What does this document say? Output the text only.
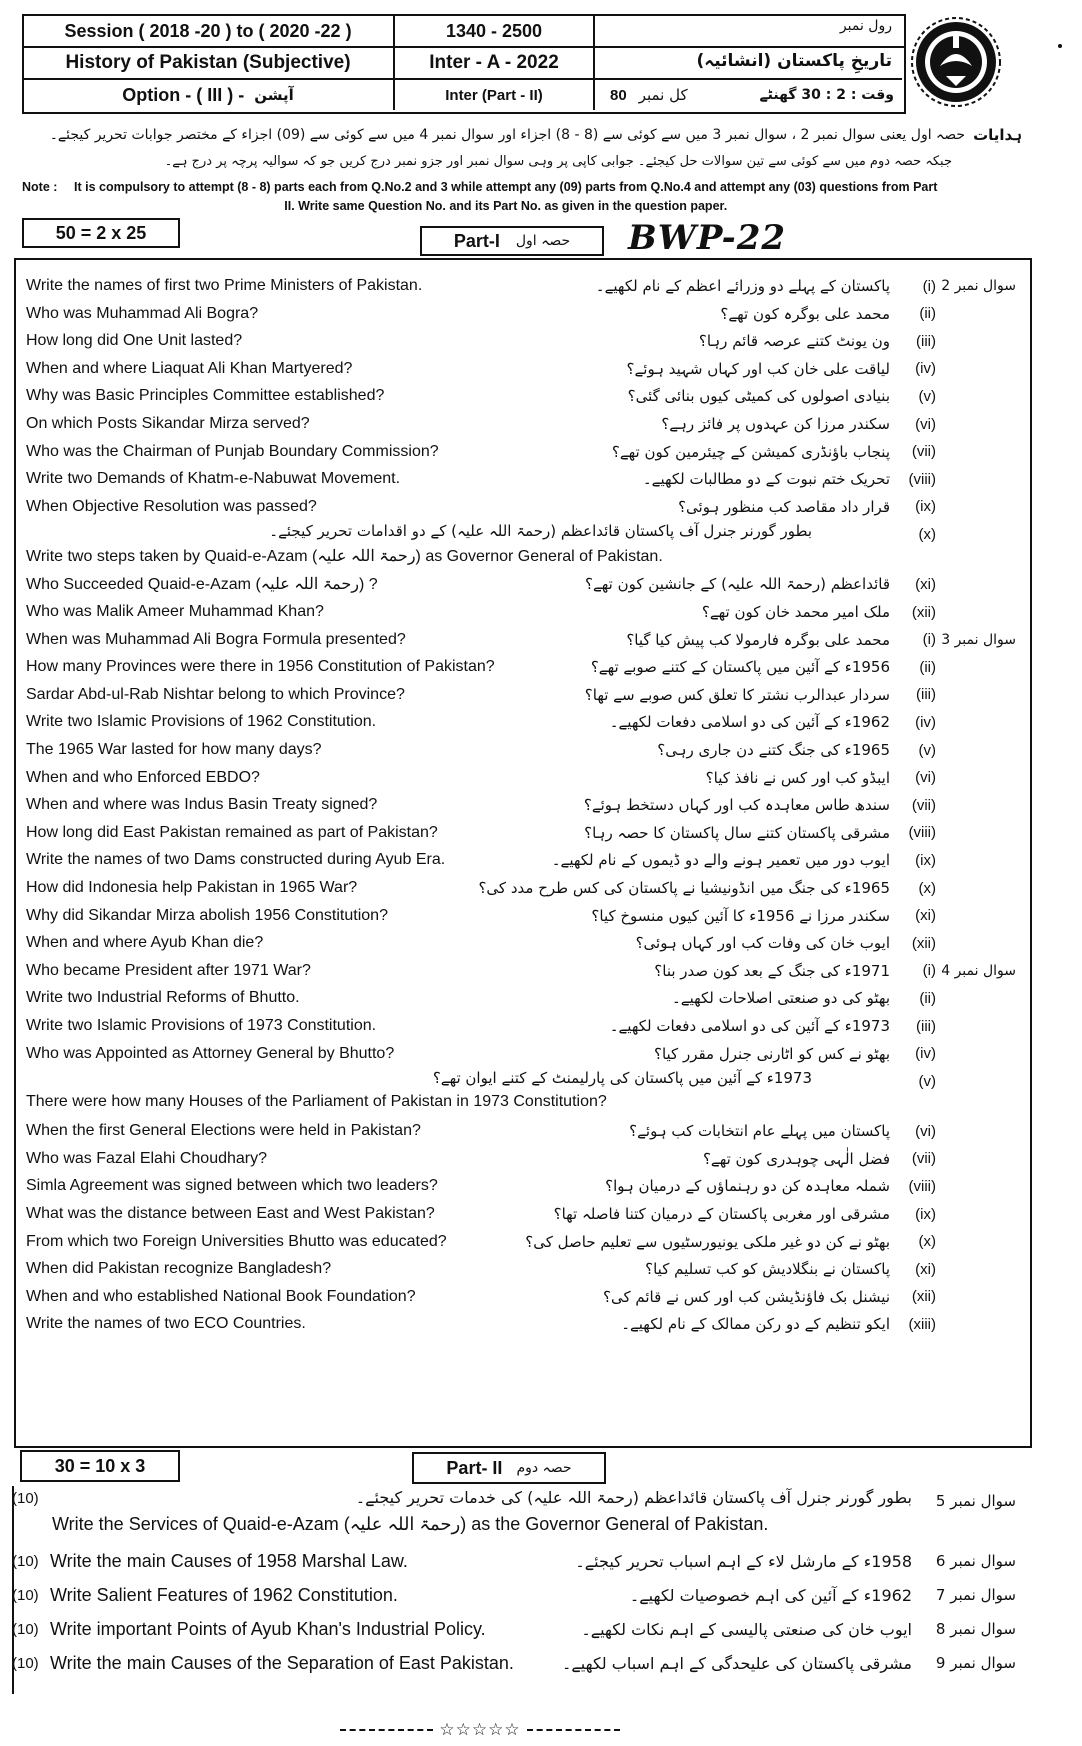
Session ( 2018 -20 ) to ( 2020 -22 )	1340 - 2500
History of Pakistan (Subjective)	Inter - A - 2022
Option - ( III ) - آپشن	Inter (Part - II)	80 کل نمبر	وقت : 2 : 30 گھنٹے
رول نمبر
تاریخِ پاکستان (انشائیہ)
حصہ اول یعنی سوال نمبر 2 ، سوال نمبر 3 میں سے کوئی سے (8 - 8) اجزاء اور سوال نمبر 4 میں سے کوئی سے (09) اجزاء کے مختصر جوابات تحریر کیجئے۔ ہدایات
جبکہ حصہ دوم میں سے کوئی سے تین سوالات حل کیجئے۔ جوابی کاپی پر وہی سوال نمبر اور جزو نمبر درج کریں جو کہ سوالیہ پرچہ پر درج ہے۔
Note : It is compulsory to attempt (8 - 8) parts each from Q.No.2 and 3 while attempt any (09) parts from Q.No.4 and attempt any (03) questions from Part II. Write same Question No. and its Part No. as given in the question paper.
50 = 2 x 25	Part-I حصہ اول BWP-22
Write the names of first two Prime Ministers of Pakistan.	پاکستان کے پہلے دو وزرائے اعظم کے نام لکھیے۔ (i) سوال نمبر 2
Who was Muhammad Ali Bogra?	محمد علی بوگرہ کون تھے؟ (ii)
How long did One Unit lasted?	ون یونٹ کتنے عرصہ قائم رہا؟ (iii)
When and where Liaquat Ali Khan Martyered?	لیاقت علی خان کب اور کہاں شہید ہوئے؟ (iv)
Why was Basic Principles Committee established?	بنیادی اصولوں کی کمیٹی کیوں بنائی گئی؟ (v)
On which Posts Sikandar Mirza served?	سکندر مرزا کن عہدوں پر فائز رہے؟ (vi)
Who was the Chairman of Punjab Boundary Commission?	پنجاب باؤنڈری کمیشن کے چیئرمین کون تھے؟ (vii)
Write two Demands of Khatm-e-Nabuwat Movement.	تحریک ختم نبوت کے دو مطالبات لکھیے۔ (viii)
When Objective Resolution was passed?	قرار داد مقاصد کب منظور ہوئی؟ (ix)
بطور گورنر جنرل آف پاکستان قائداعظم (رحمۃ اللہ علیہ) کے دو اقدامات تحریر کیجئے۔	(x)
Write two steps taken by Quaid-e-Azam (رحمۃ اللہ علیہ) as Governor General of Pakistan.
Who Succeeded Quaid-e-Azam (رحمۃ اللہ علیہ) ?	قائداعظم (رحمۃ اللہ علیہ) کے جانشین کون تھے؟ (xi)
Who was Malik Ameer Muhammad Khan?	ملک امیر محمد خان کون تھے؟ (xii)
When was Muhammad Ali Bogra Formula presented?	محمد علی بوگرہ فارمولا کب پیش کیا گیا؟ (i) سوال نمبر 3
How many Provinces were there in 1956 Constitution of Pakistan?	1956ء کے آئین میں پاکستان کے کتنے صوبے تھے؟ (ii)
Sardar Abd-ul-Rab Nishtar belong to which Province?	سردار عبدالرب نشتر کا تعلق کس صوبے سے تھا؟ (iii)
Write two Islamic Provisions of 1962 Constitution.	1962ء کے آئین کی دو اسلامی دفعات لکھیے۔ (iv)
The 1965 War lasted for how many days?	1965ء کی جنگ کتنے دن جاری رہی؟ (v)
When and who Enforced EBDO?	ایبڈو کب اور کس نے نافذ کیا؟ (vi)
When and where was Indus Basin Treaty signed?	سندھ طاس معاہدہ کب اور کہاں دستخط ہوئے؟ (vii)
How long did East Pakistan remained as part of Pakistan?	مشرقی پاکستان کتنے سال پاکستان کا حصہ رہا؟ (viii)
Write the names of two Dams constructed during Ayub Era.	ایوب دور میں تعمیر ہونے والے دو ڈیموں کے نام لکھیے۔ (ix)
How did Indonesia help Pakistan in 1965 War?	1965ء کی جنگ میں انڈونیشیا نے پاکستان کی کس طرح مدد کی؟ (x)
Why did Sikandar Mirza abolish 1956 Constitution?	سکندر مرزا نے 1956ء کا آئین کیوں منسوخ کیا؟ (xi)
When and where Ayub Khan die?	ایوب خان کی وفات کب اور کہاں ہوئی؟ (xii)
Who became President after 1971 War?	1971ء کی جنگ کے بعد کون صدر بنا؟ (i) سوال نمبر 4
Write two Industrial Reforms of Bhutto.	بھٹو کی دو صنعتی اصلاحات لکھیے۔ (ii)
Write two Islamic Provisions of 1973 Constitution.	1973ء کے آئین کی دو اسلامی دفعات لکھیے۔ (iii)
Who was Appointed as Attorney General by Bhutto?	بھٹو نے کس کو اٹارنی جنرل مقرر کیا؟ (iv)
1973ء کے آئین میں پاکستان کی پارلیمنٹ کے کتنے ایوان تھے؟	(v)
There were how many Houses of the Parliament of Pakistan in 1973 Constitution?
When the first General Elections were held in Pakistan?	پاکستان میں پہلے عام انتخابات کب ہوئے؟ (vi)
Who was Fazal Elahi Choudhary?	فضل الٰہی چوہدری کون تھے؟ (vii)
Simla Agreement was signed between which two leaders?	شملہ معاہدہ کن دو رہنماؤں کے درمیان ہوا؟ (viii)
What was the distance between East and West Pakistan?	مشرقی اور مغربی پاکستان کے درمیان کتنا فاصلہ تھا؟ (ix)
From which two Foreign Universities Bhutto was educated?	بھٹو نے کن دو غیر ملکی یونیورسٹیوں سے تعلیم حاصل کی؟ (x)
When did Pakistan recognize Bangladesh?	پاکستان نے بنگلادیش کو کب تسلیم کیا؟ (xi)
When and who established National Book Foundation?	نیشنل بک فاؤنڈیشن کب اور کس نے قائم کی؟ (xii)
Write the names of two ECO Countries.	ایکو تنظیم کے دو رکن ممالک کے نام لکھیے۔ (xiii)
30 = 10 x 3	Part- II حصہ دوم
(10)	بطور گورنر جنرل آف پاکستان قائداعظم (رحمۃ اللہ علیہ) کی خدمات تحریر کیجئے۔ سوال نمبر 5
Write the Services of Quaid-e-Azam (رحمۃ اللہ علیہ) as the Governor General of Pakistan.
(10) Write the main Causes of 1958 Marshal Law.	1958ء کے مارشل لاء کے اہم اسباب تحریر کیجئے۔ سوال نمبر 6
(10) Write Salient Features of 1962 Constitution.	1962ء کے آئین کی اہم خصوصیات لکھیے۔ سوال نمبر 7
(10) Write important Points of Ayub Khan's Industrial Policy.	ایوب خان کی صنعتی پالیسی کے اہم نکات لکھیے۔ سوال نمبر 8
(10) Write the main Causes of the Separation of East Pakistan.	مشرقی پاکستان کی علیحدگی کے اہم اسباب لکھیے۔ سوال نمبر 9
☆☆☆☆☆
